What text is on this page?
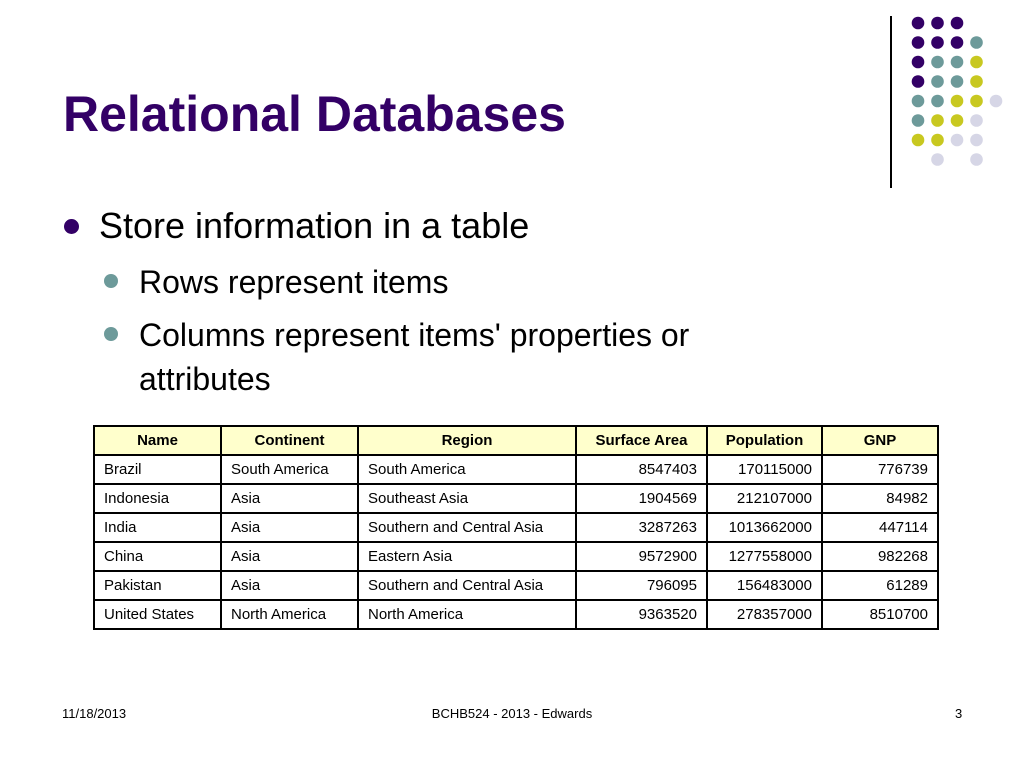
Relational Databases
Store information in a table
Rows represent items
Columns represent items' properties or
attributes
Name	Continent	Region	Surface Area	Population	GNP
Brazil	South America	South America	8547403	170115000	776739
Indonesia	Asia	Southeast Asia	1904569	212107000	84982
India	Asia	Southern and Central Asia	3287263	1013662000	447114
China	Asia	Eastern Asia	9572900	1277558000	982268
Pakistan	Asia	Southern and Central Asia	796095	156483000	61289
United States	North America	North America	9363520	278357000	8510700
11/18/2013	BCHB524 - 2013 - Edwards	3
